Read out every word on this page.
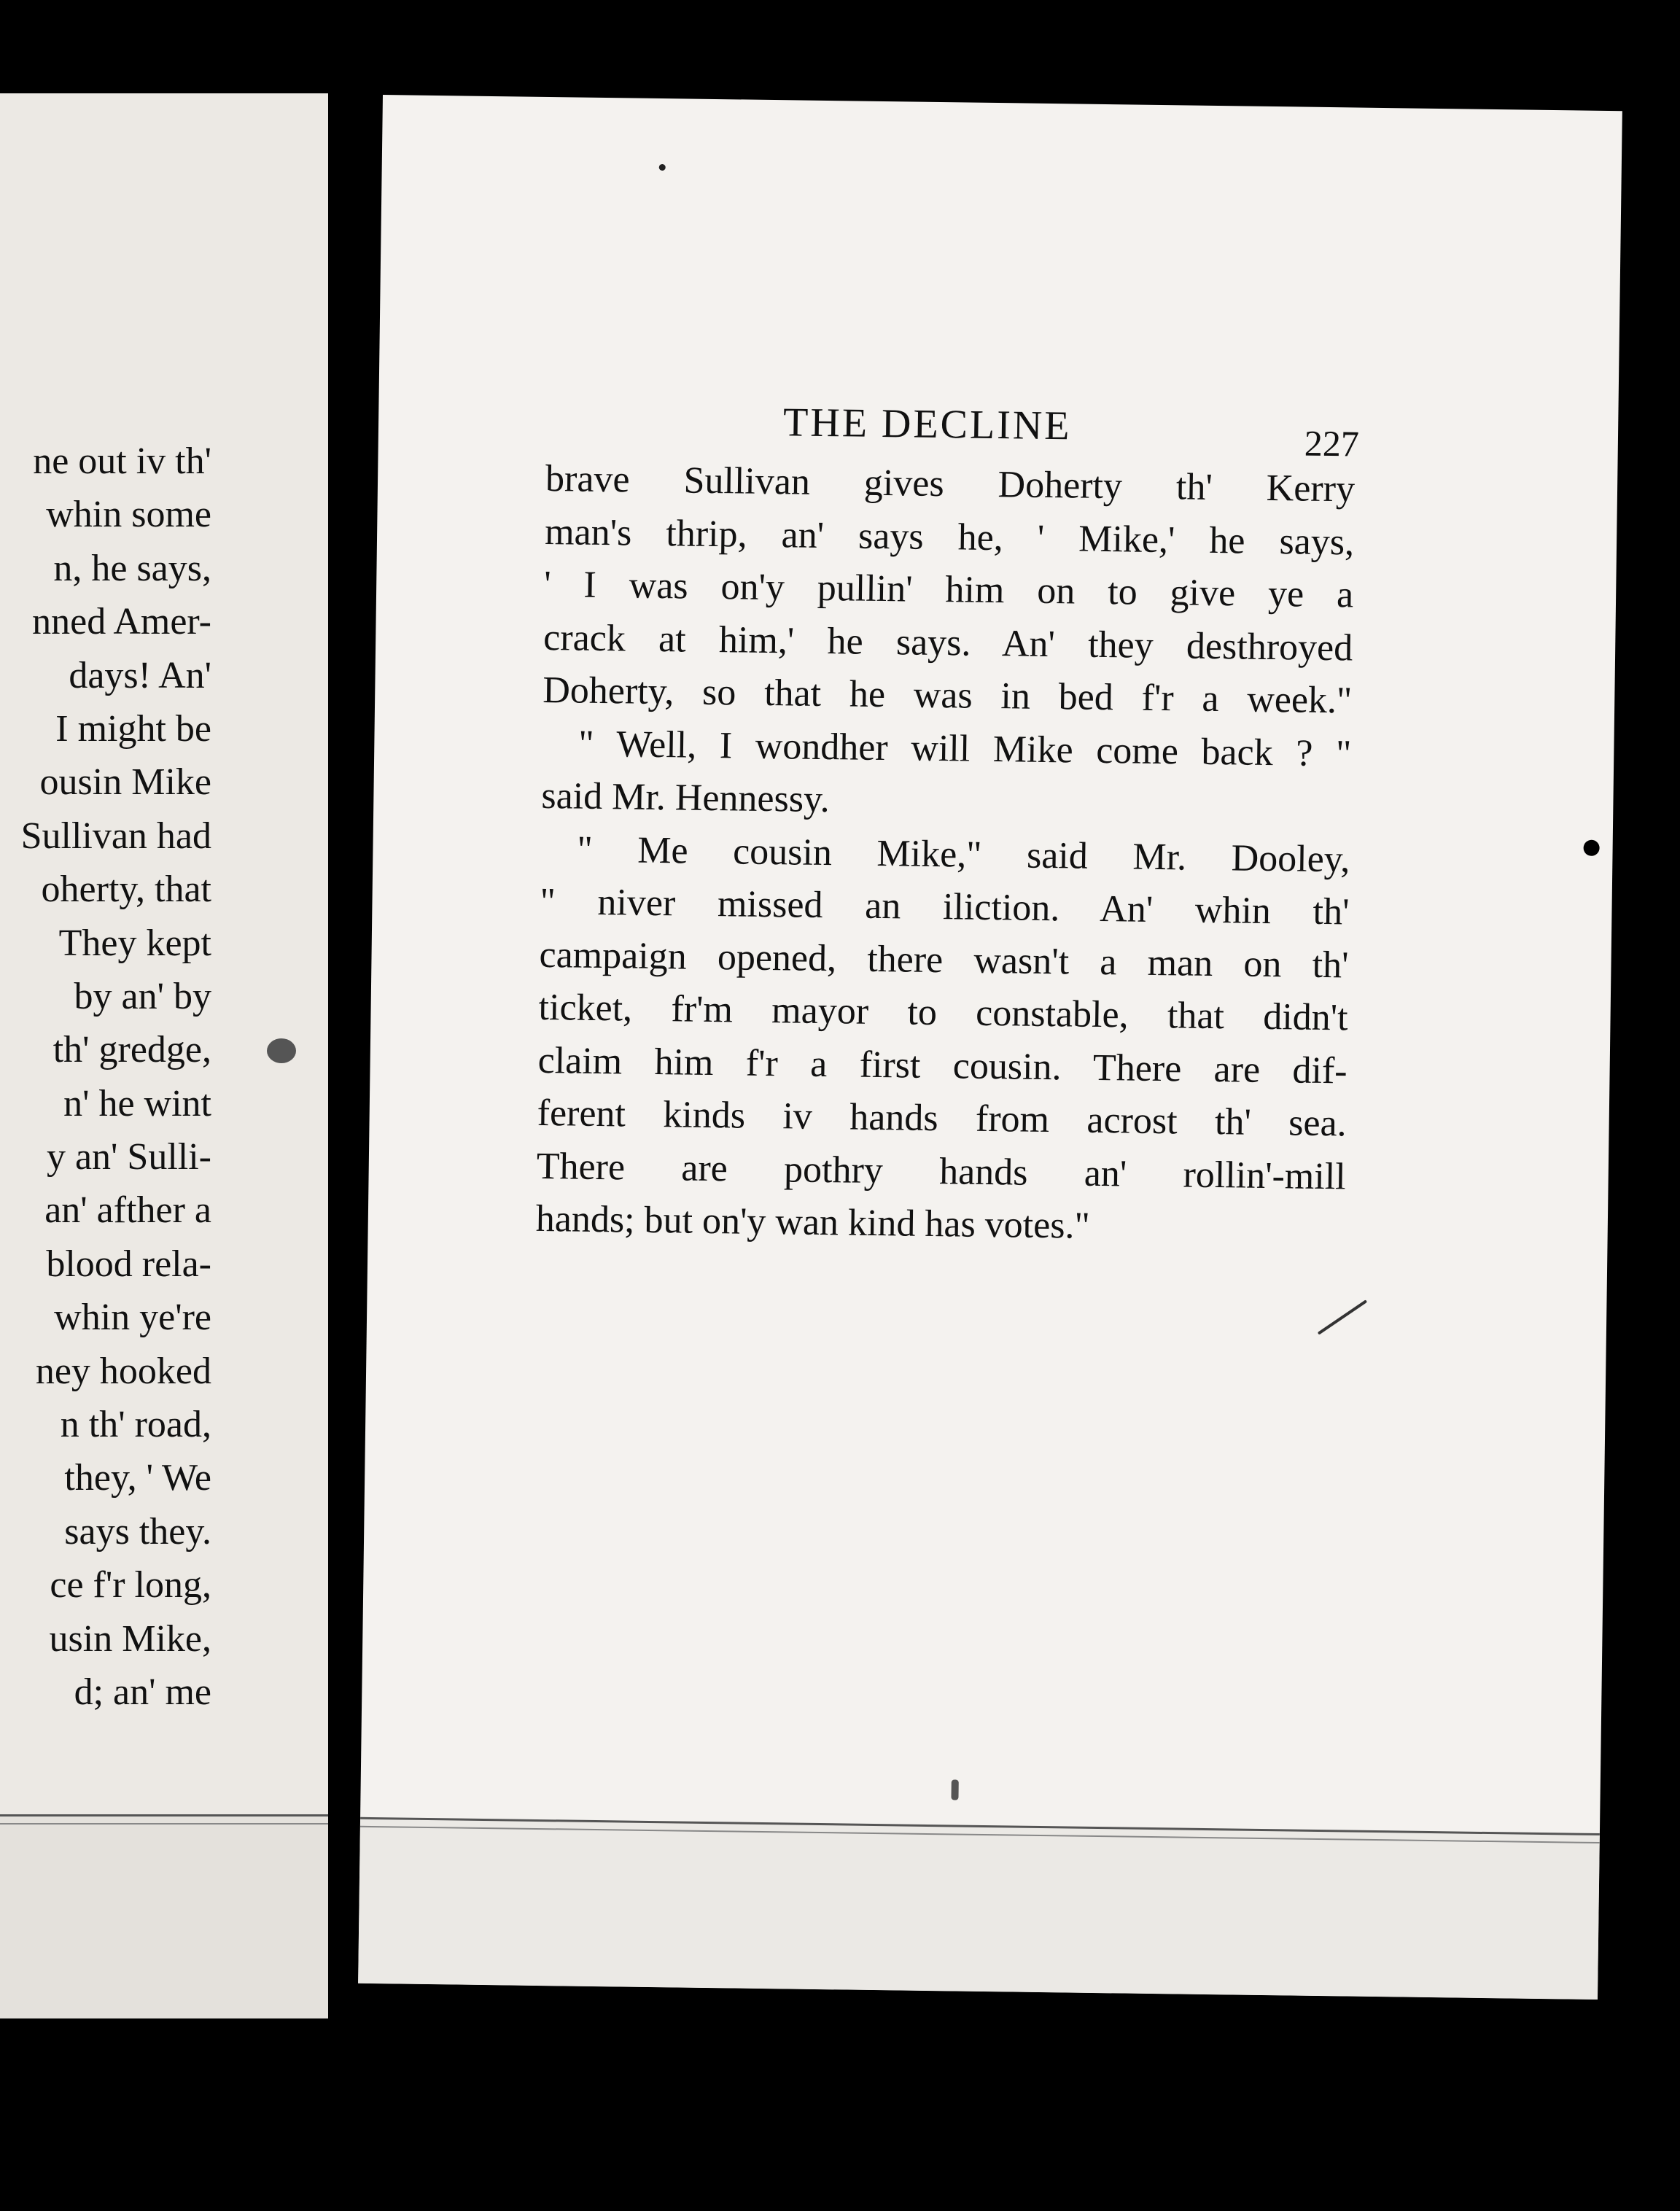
ne out iv th'
whin some
n, he says,
nned Amer-
days! An'
I might be
ousin Mike
Sullivan had
oherty, that
They kept
by an' by
th' gredge,
n' he wint
y an' Sulli-
an' afther a
blood rela-
whin ye're
ney hooked
n th' road,
they, ' We
says they.
ce f'r long,
usin Mike,
d; an' me
THE DECLINE	227
brave Sullivan gives Doherty th' Kerry
man's thrip, an' says he, ' Mike,' he says,
' I was on'y pullin' him on to give ye a
crack at him,' he says. An' they desthroyed
Doherty, so that he was in bed f'r a week."
" Well, I wondher will Mike come back ? "
said Mr. Hennessy.
" Me cousin Mike," said Mr. Dooley,
" niver missed an iliction. An' whin th'
campaign opened, there wasn't a man on th'
ticket, fr'm mayor to constable, that didn't
claim him f'r a first cousin. There are dif-
ferent kinds iv hands from acrost th' sea.
There are pothry hands an' rollin'-mill
hands; but on'y wan kind has votes."
